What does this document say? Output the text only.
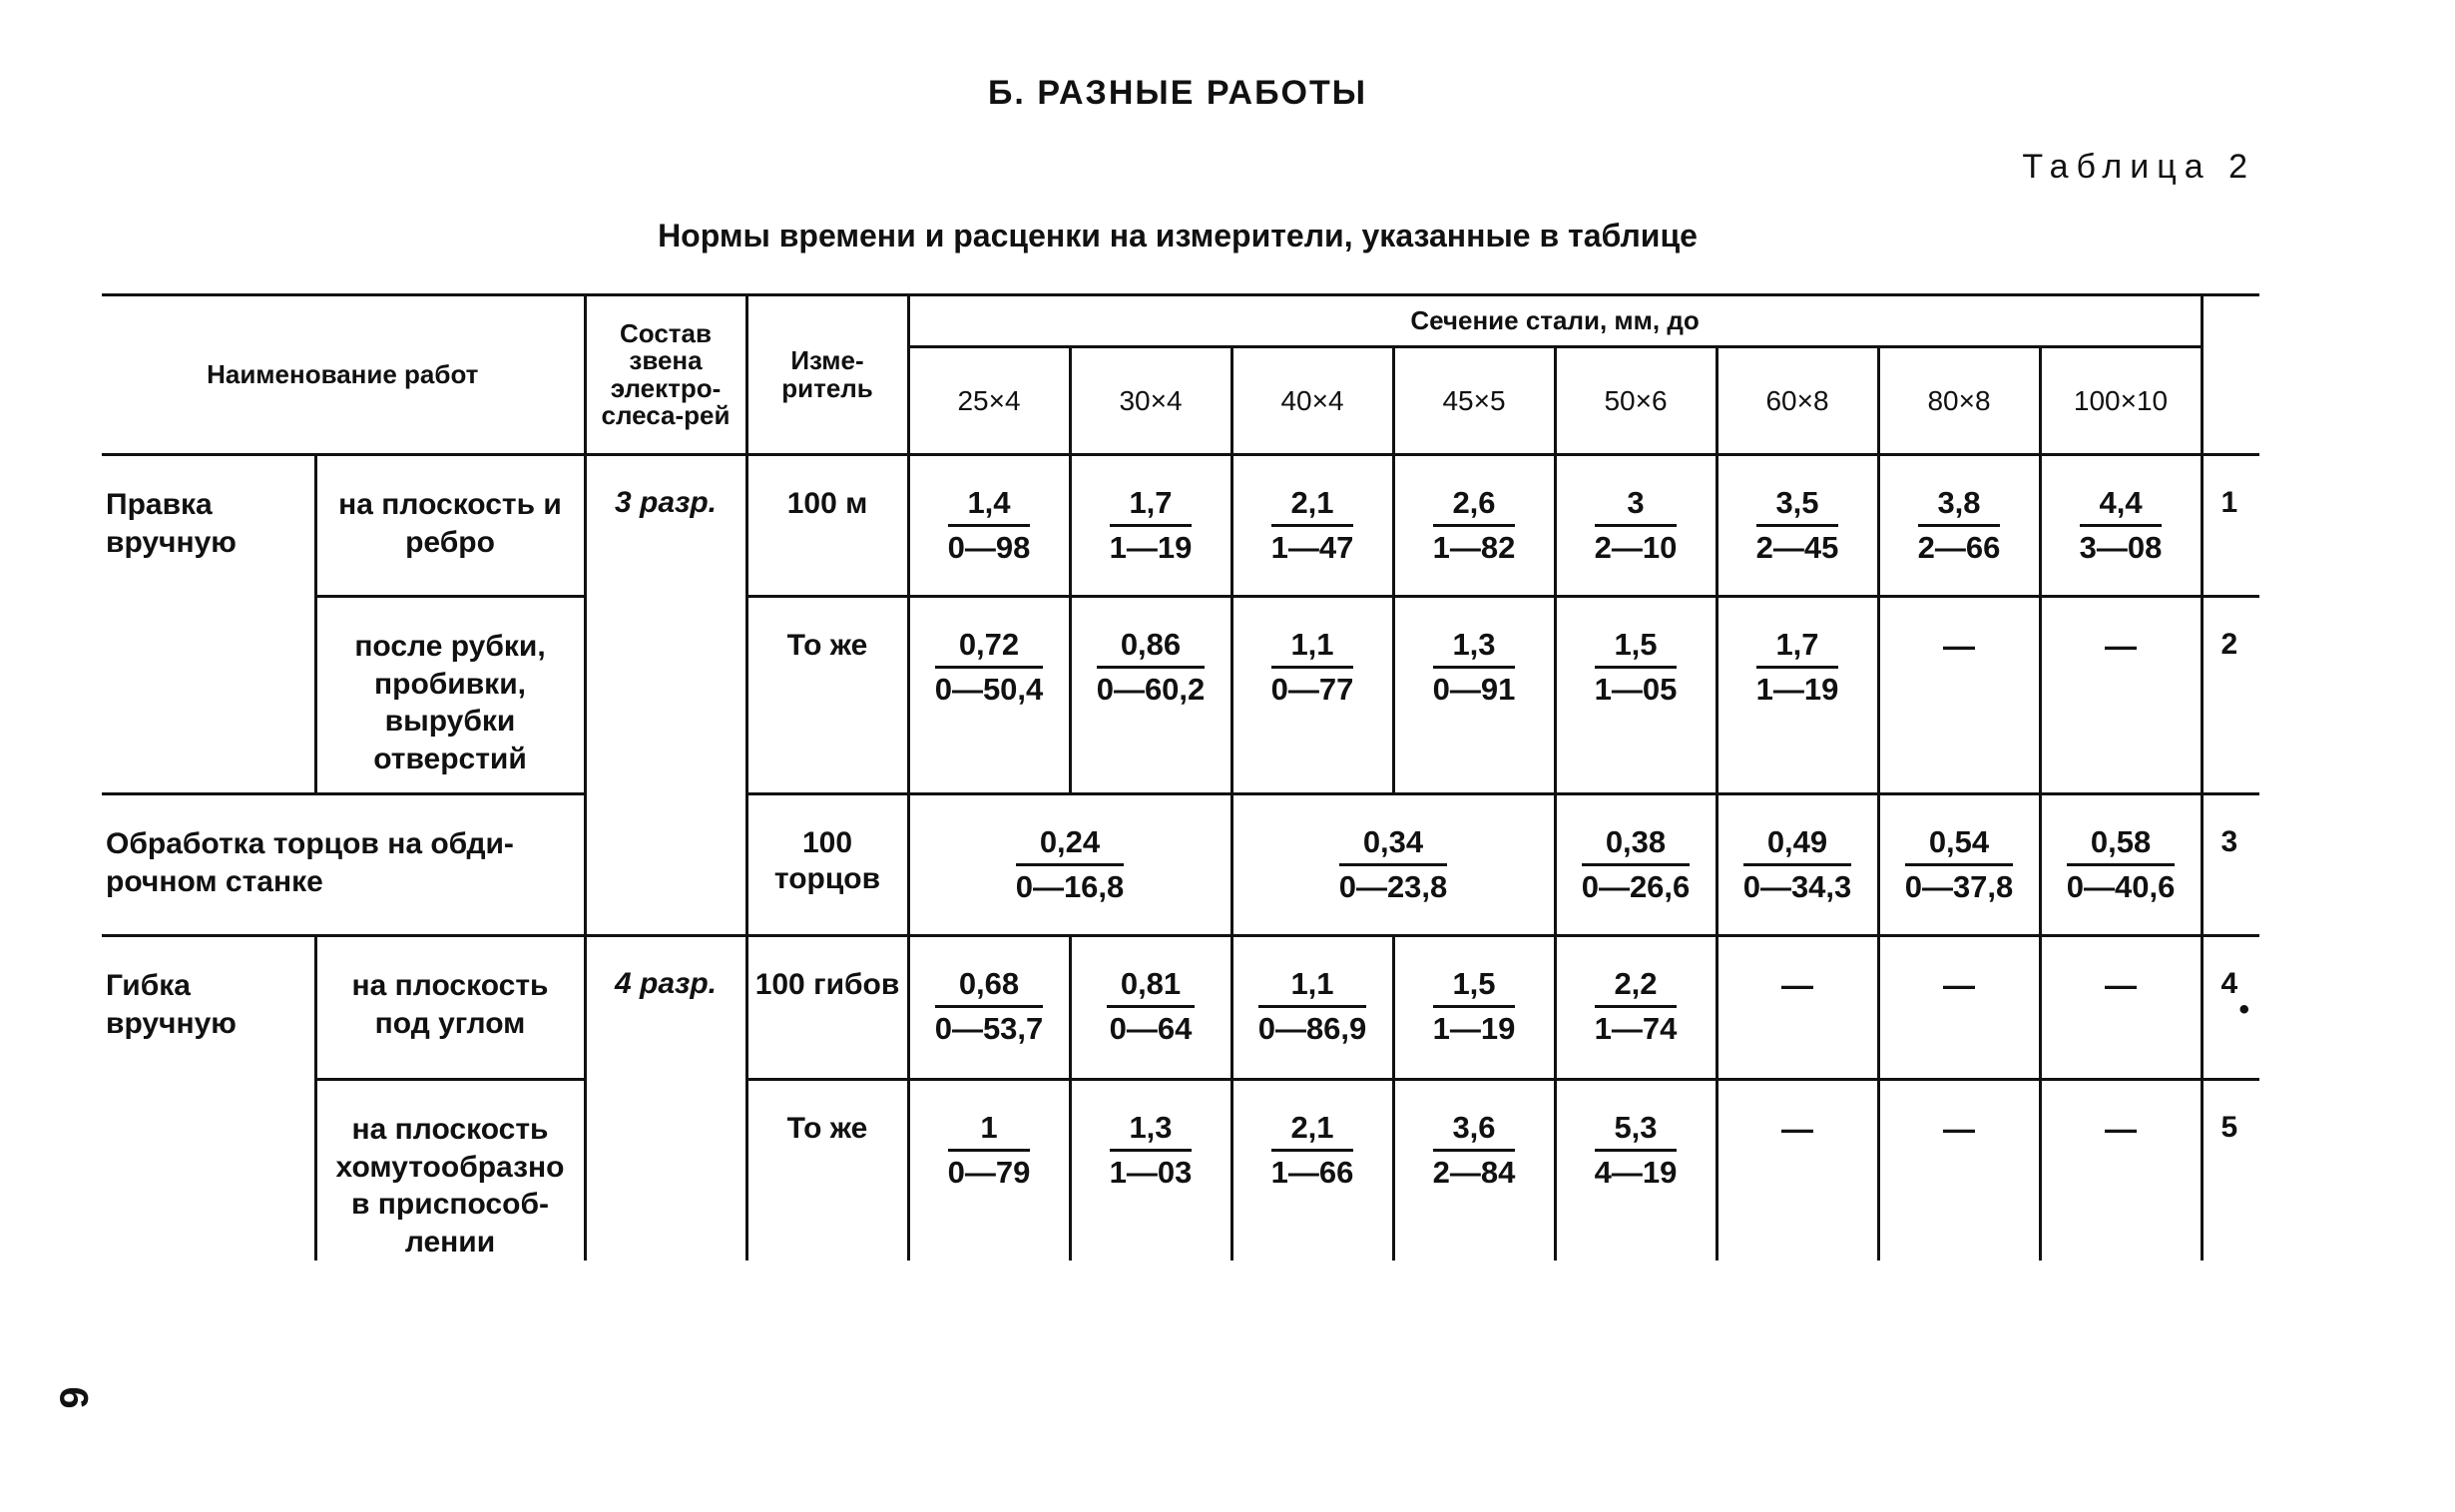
Б. РАЗНЫЕ РАБОТЫ
Таблица 2
Нормы времени и расценки на измерители, указанные в таблице
6
Наименование работ		Состав звена электро-слеса-рей	Изме-ритель	Сечение стали, мм, до								
				25×4	30×4	40×4	45×5	50×6	60×8	80×8	100×10	
Правка вручную	на плоскость и ребро	3 разр.	100 м	$\frac{1,4}{0—98}$	$\frac{1,7}{1—19}$	$\frac{2,1}{1—47}$	$\frac{2,6}{1—82}$	$\frac{3}{2—10}$	$\frac{3,5}{2—45}$	$\frac{3,8}{2—66}$	$\frac{4,4}{3—08}$	1
	после рубки, пробивки, вырубки отверстий		То же	$\frac{0,72}{0—50,4}$	$\frac{0,86}{0—60,2}$	$\frac{1,1}{0—77}$	$\frac{1,3}{0—91}$	$\frac{1,5}{1—05}$	$\frac{1,7}{1—19}$	—	—	2
Обработка торцов на обди-рочном станке			100 торцов	$\frac{0,24}{0—16,8}$		$\frac{0,34}{0—23,8}$		$\frac{0,38}{0—26,6}$	$\frac{0,49}{0—34,3}$	$\frac{0,54}{0—37,8}$	$\frac{0,58}{0—40,6}$	3
Гибка вручную	на плоскость под углом	4 разр.	100 гибов	$\frac{0,68}{0—53,7}$	$\frac{0,81}{0—64}$	$\frac{1,1}{0—86,9}$	$\frac{1,5}{1—19}$	$\frac{2,2}{1—74}$	—	—	—	4
•

	на плоскость хомутообразно в приспособ-лении		То же	$\frac{1}{0—79}$	$\frac{1,3}{1—03}$	$\frac{2,1}{1—66}$	$\frac{3,6}{2—84}$	$\frac{5,3}{4—19}$	—	—	—	5
